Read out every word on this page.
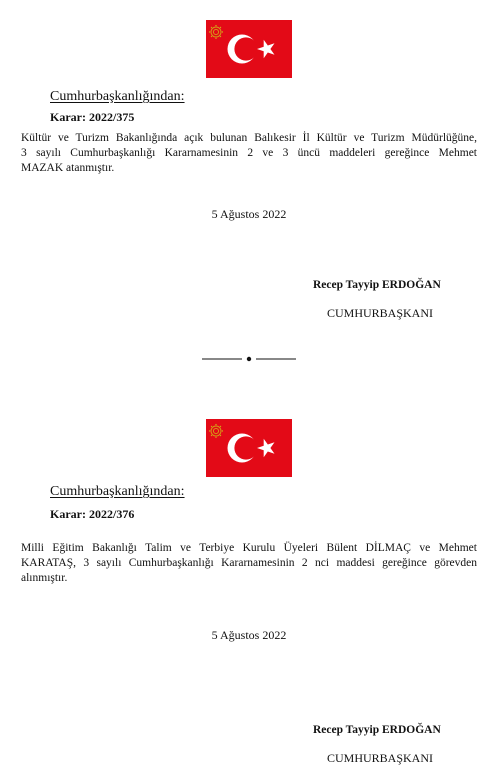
Cumhurbaşkanlığından:
Karar: 2022/375

Kültür ve Turizm Bakanlığında açık bulunan Balıkesir İl Kültür ve Turizm Müdürlüğüne,
3 sayılı Cumhurbaşkanlığı Kararnamesinin 2 ve 3 üncü maddeleri gereğince Mehmet
MAZAK atanmıştır.

5 Ağustos 2022
Recep Tayyip ERDOĞAN
CUMHURBAŞKANI
Cumhurbaşkanlığından:
Karar: 2022/376

Milli Eğitim Bakanlığı Talim ve Terbiye Kurulu Üyeleri Bülent DİLMAÇ ve Mehmet
KARATAŞ, 3 sayılı Cumhurbaşkanlığı Kararnamesinin 2 nci maddesi gereğince görevden
alınmıştır.

5 Ağustos 2022
Recep Tayyip ERDOĞAN
CUMHURBAŞKANI
